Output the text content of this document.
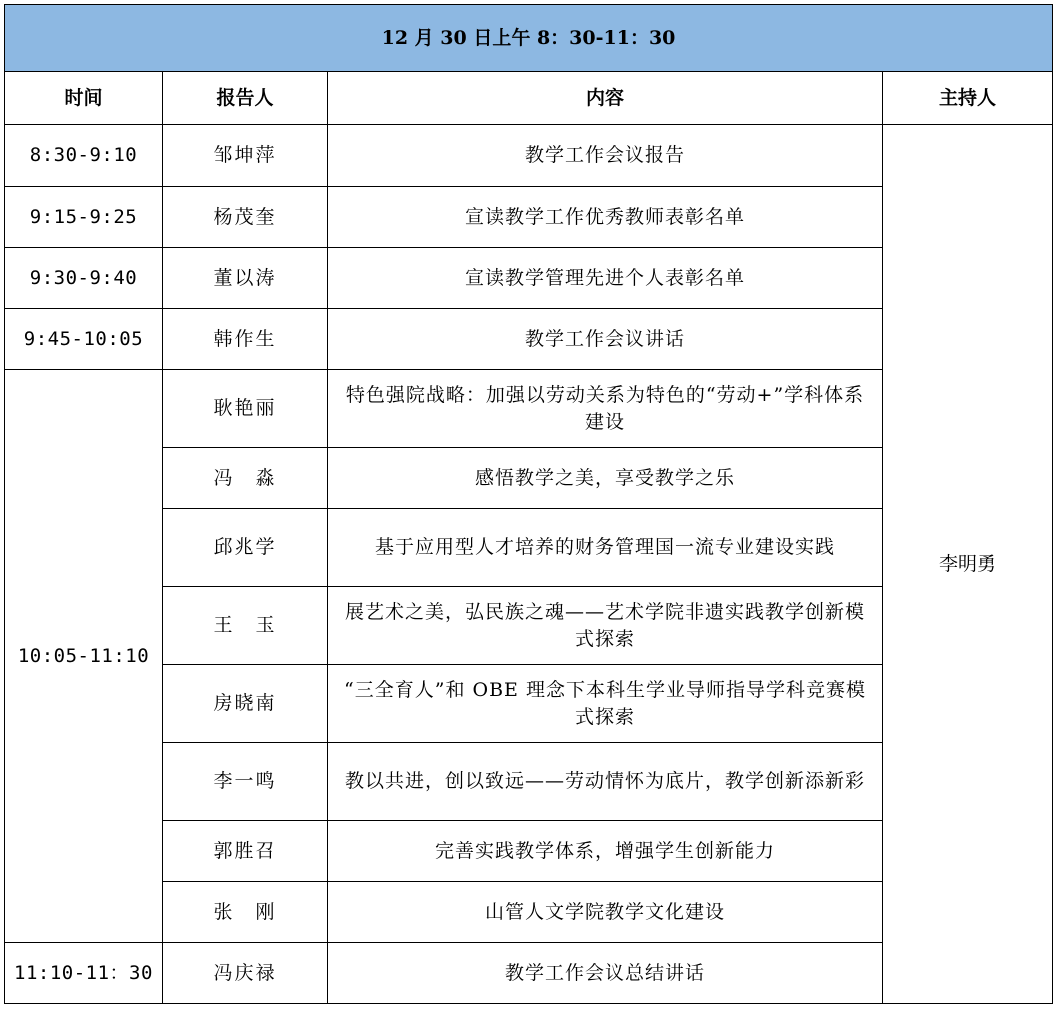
12 月 30 日上午 8：30-11：30			
时间	报告人	内容	主持人
8:30-9:10	邹坤萍	教学工作会议报告	李明勇
9:15-9:25	杨茂奎	宣读教学工作优秀教师表彰名单	
9:30-9:40	董以涛	宣读教学管理先进个人表彰名单	
9:45-10:05	韩作生	教学工作会议讲话	
10:05-11:10	耿艳丽	特色强院战略：加强以劳动关系为特色的“劳动+”学科体系建设	
	冯　淼	感悟教学之美，享受教学之乐	
	邱兆学	基于应用型人才培养的财务管理国一流专业建设实践	
	王　玉	展艺术之美，弘民族之魂——艺术学院非遗实践教学创新模式探索	
	房晓南	“三全育人”和 OBE 理念下本科生学业导师指导学科竞赛模式探索	
	李一鸣	教以共进，创以致远——劳动情怀为底片，教学创新添新彩	
	郭胜召	完善实践教学体系，增强学生创新能力	
	张　刚	山管人文学院教学文化建设	
11:10-11：30	冯庆禄	教学工作会议总结讲话	
